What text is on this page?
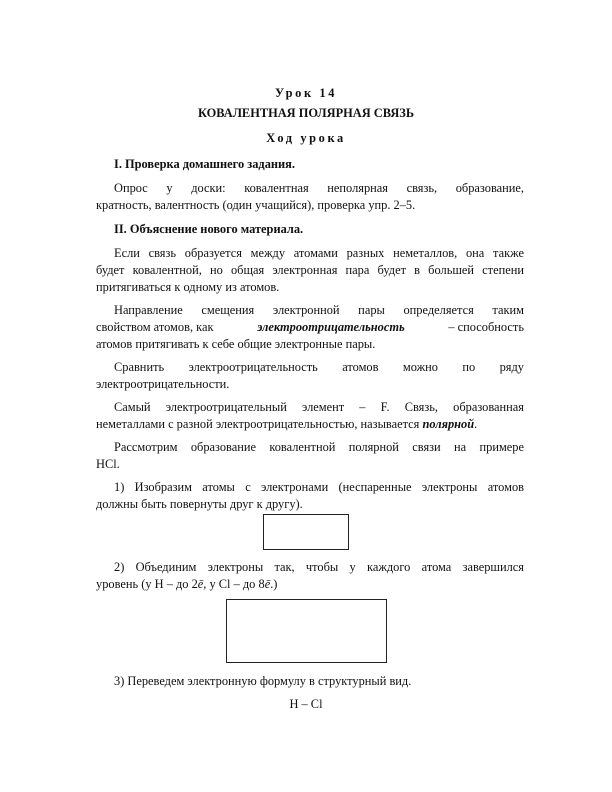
Урок 14
КОВАЛЕНТНАЯ ПОЛЯРНАЯ СВЯЗЬ
Ход урока
I. Проверка домашнего задания.
Опрос у доски: ковалентная неполярная связь, образование,
кратность, валентность (один учащийся), проверка упр. 2–5.
II. Объяснение нового материала.
Если связь образуется между атомами разных неметаллов, она также
будет ковалентной, но общая электронная пара будет в большей степени
притягиваться к одному из атомов.
Направление смещения электронной пары определяется таким
свойством атомов, как	электроотрицательность	– способность
атомов притягивать к себе общие электронные пары.
Сравнить электроотрицательность атомов можно по ряду
электроотрицательности.
Самый электроотрицательный элемент – F. Связь, образованная
неметаллами с разной электроотрицательностью, называется полярной.
Рассмотрим образование ковалентной полярной связи на примере
HCl.
1) Изобразим атомы с электронами (неспаренные электроны атомов
должны быть повернуты друг к другу).
2) Объединим электроны так, чтобы у каждого атома завершился
уровень (у H – до 2ē, у Cl – до 8ē.)
3) Переведем электронную формулу в структурный вид.
H – Cl
